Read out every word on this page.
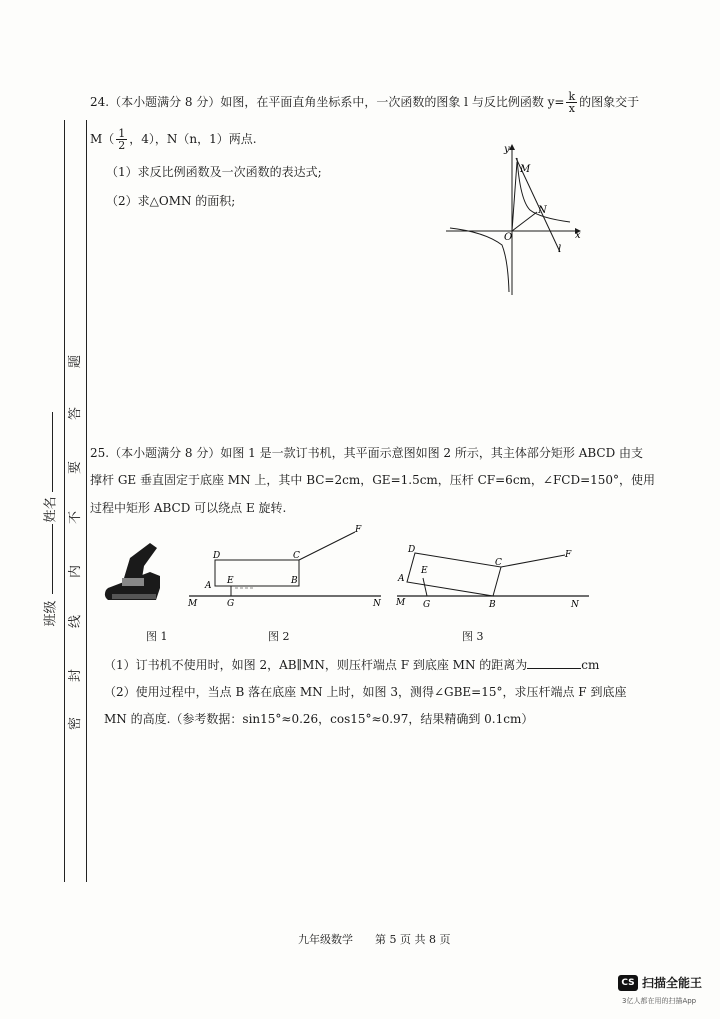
题
答
要
不
内
线
封
密
姓名
班级
24.（本小题满分 8 分）如图，在平面直角坐标系中，一次函数的图象 l 与反比例函数 $y= \frac{k}{x}$ 的图象交于
$M( \frac{1}{2}$ ，4），N（n，1）两点.
（1）求反比例函数及一次函数的表达式;
（2）求△OMN 的面积;
y
x
O
M
N
l
25.（本小题满分 8 分）如图 1 是一款订书机，其平面示意图如图 2 所示，其主体部分矩形 ABCD 由支
撑杆 GE 垂直固定于底座 MN 上，其中 BC=2cm，GE=1.5cm，压杆 CF=6cm，∠FCD=150°，使用
过程中矩形 ABCD 可以绕点 E 旋转.
图 1
D	C
A E	B
F
M	G	N
图 2
D
C
A
E
B
F
M G	N
图 3
（1）订书机不使用时，如图 2，AB∥MN，则压杆端点 F 到底座 MN 的距离为	cm
（2）使用过程中，当点 B 落在底座 MN 上时，如图 3，测得∠GBE=15°，求压杆端点 F 到底座
MN 的高度.（参考数据：sin15°≈0.26，cos15°≈0.97，结果精确到 0.1cm）
九年级数学　　第 5 页 共 8 页
CS 扫描全能王
3亿人都在用的扫描App
